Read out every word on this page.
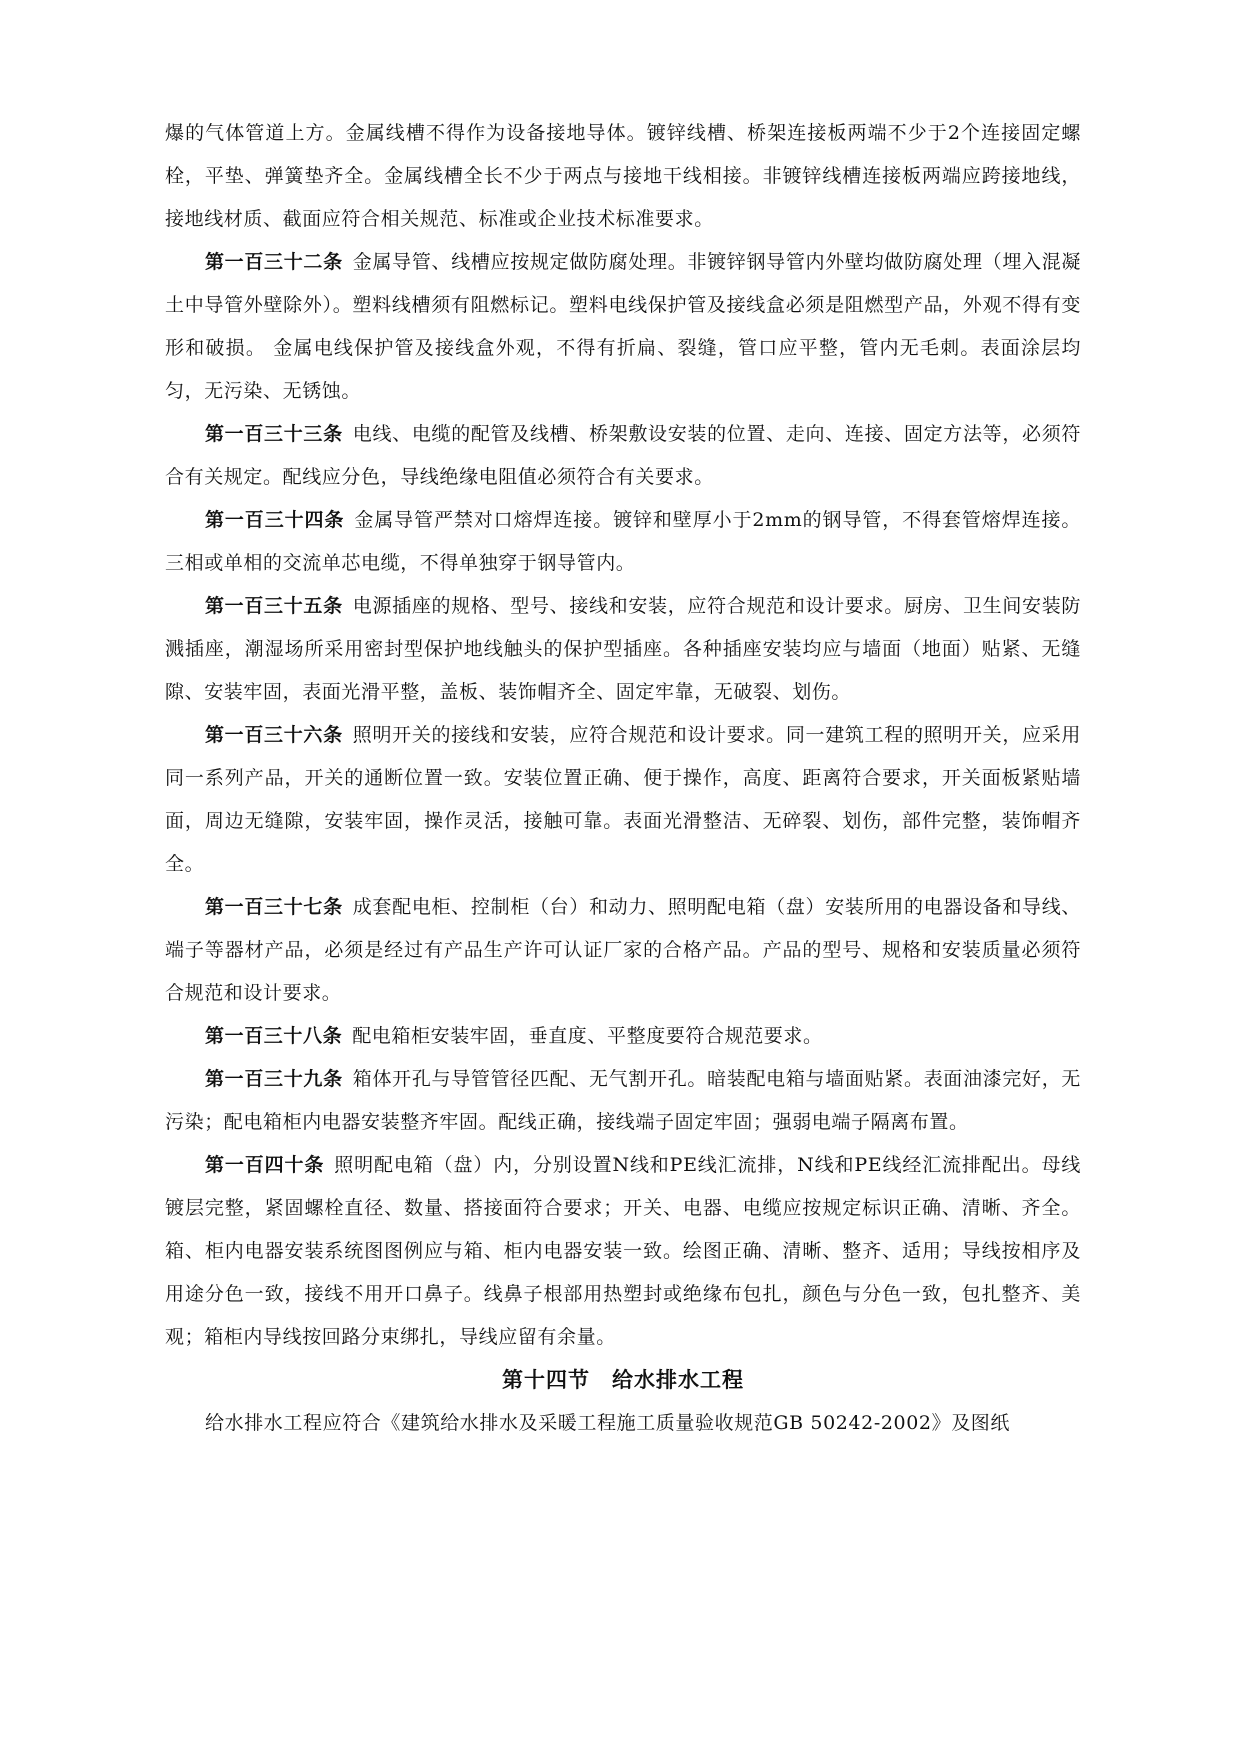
爆的气体管道上方。金属线槽不得作为设备接地导体。镀锌线槽、桥架连接板两端不少于2个连接固定螺栓，平垫、弹簧垫齐全。金属线槽全长不少于两点与接地干线相接。非镀锌线槽连接板两端应跨接地线，接地线材质、截面应符合相关规范、标准或企业技术标准要求。

第一百三十二条 金属导管、线槽应按规定做防腐处理。非镀锌钢导管内外壁均做防腐处理（埋入混凝土中导管外壁除外）。塑料线槽须有阻燃标记。塑料电线保护管及接线盒必须是阻燃型产品，外观不得有变形和破损。 金属电线保护管及接线盒外观，不得有折扁、裂缝，管口应平整，管内无毛刺。表面涂层均匀，无污染、无锈蚀。

第一百三十三条 电线、电缆的配管及线槽、桥架敷设安装的位置、走向、连接、固定方法等，必须符合有关规定。配线应分色，导线绝缘电阻值必须符合有关要求。

第一百三十四条 金属导管严禁对口熔焊连接。镀锌和壁厚小于2mm的钢导管，不得套管熔焊连接。三相或单相的交流单芯电缆，不得单独穿于钢导管内。

第一百三十五条 电源插座的规格、型号、接线和安装，应符合规范和设计要求。厨房、卫生间安装防溅插座，潮湿场所采用密封型保护地线触头的保护型插座。各种插座安装均应与墙面（地面）贴紧、无缝隙、安装牢固，表面光滑平整，盖板、装饰帽齐全、固定牢靠，无破裂、划伤。

第一百三十六条 照明开关的接线和安装，应符合规范和设计要求。同一建筑工程的照明开关，应采用同一系列产品，开关的通断位置一致。安装位置正确、便于操作，高度、距离符合要求，开关面板紧贴墙面，周边无缝隙，安装牢固，操作灵活，接触可靠。表面光滑整洁、无碎裂、划伤，部件完整，装饰帽齐全。

第一百三十七条 成套配电柜、控制柜（台）和动力、照明配电箱（盘）安装所用的电器设备和导线、端子等器材产品，必须是经过有产品生产许可认证厂家的合格产品。产品的型号、规格和安装质量必须符合规范和设计要求。

第一百三十八条 配电箱柜安装牢固，垂直度、平整度要符合规范要求。

第一百三十九条 箱体开孔与导管管径匹配、无气割开孔。暗装配电箱与墙面贴紧。表面油漆完好，无污染；配电箱柜内电器安装整齐牢固。配线正确，接线端子固定牢固；强弱电端子隔离布置。

第一百四十条 照明配电箱（盘）内，分别设置N线和PE线汇流排，N线和PE线经汇流排配出。母线镀层完整，紧固螺栓直径、数量、搭接面符合要求；开关、电器、电缆应按规定标识正确、清晰、齐全。箱、柜内电器安装系统图图例应与箱、柜内电器安装一致。绘图正确、清晰、整齐、适用；导线按相序及用途分色一致，接线不用开口鼻子。线鼻子根部用热塑封或绝缘布包扎，颜色与分色一致，包扎整齐、美观；箱柜内导线按回路分束绑扎，导线应留有余量。

第十四节 给水排水工程

给水排水工程应符合《建筑给水排水及采暖工程施工质量验收规范GB 50242-2002》及图纸
